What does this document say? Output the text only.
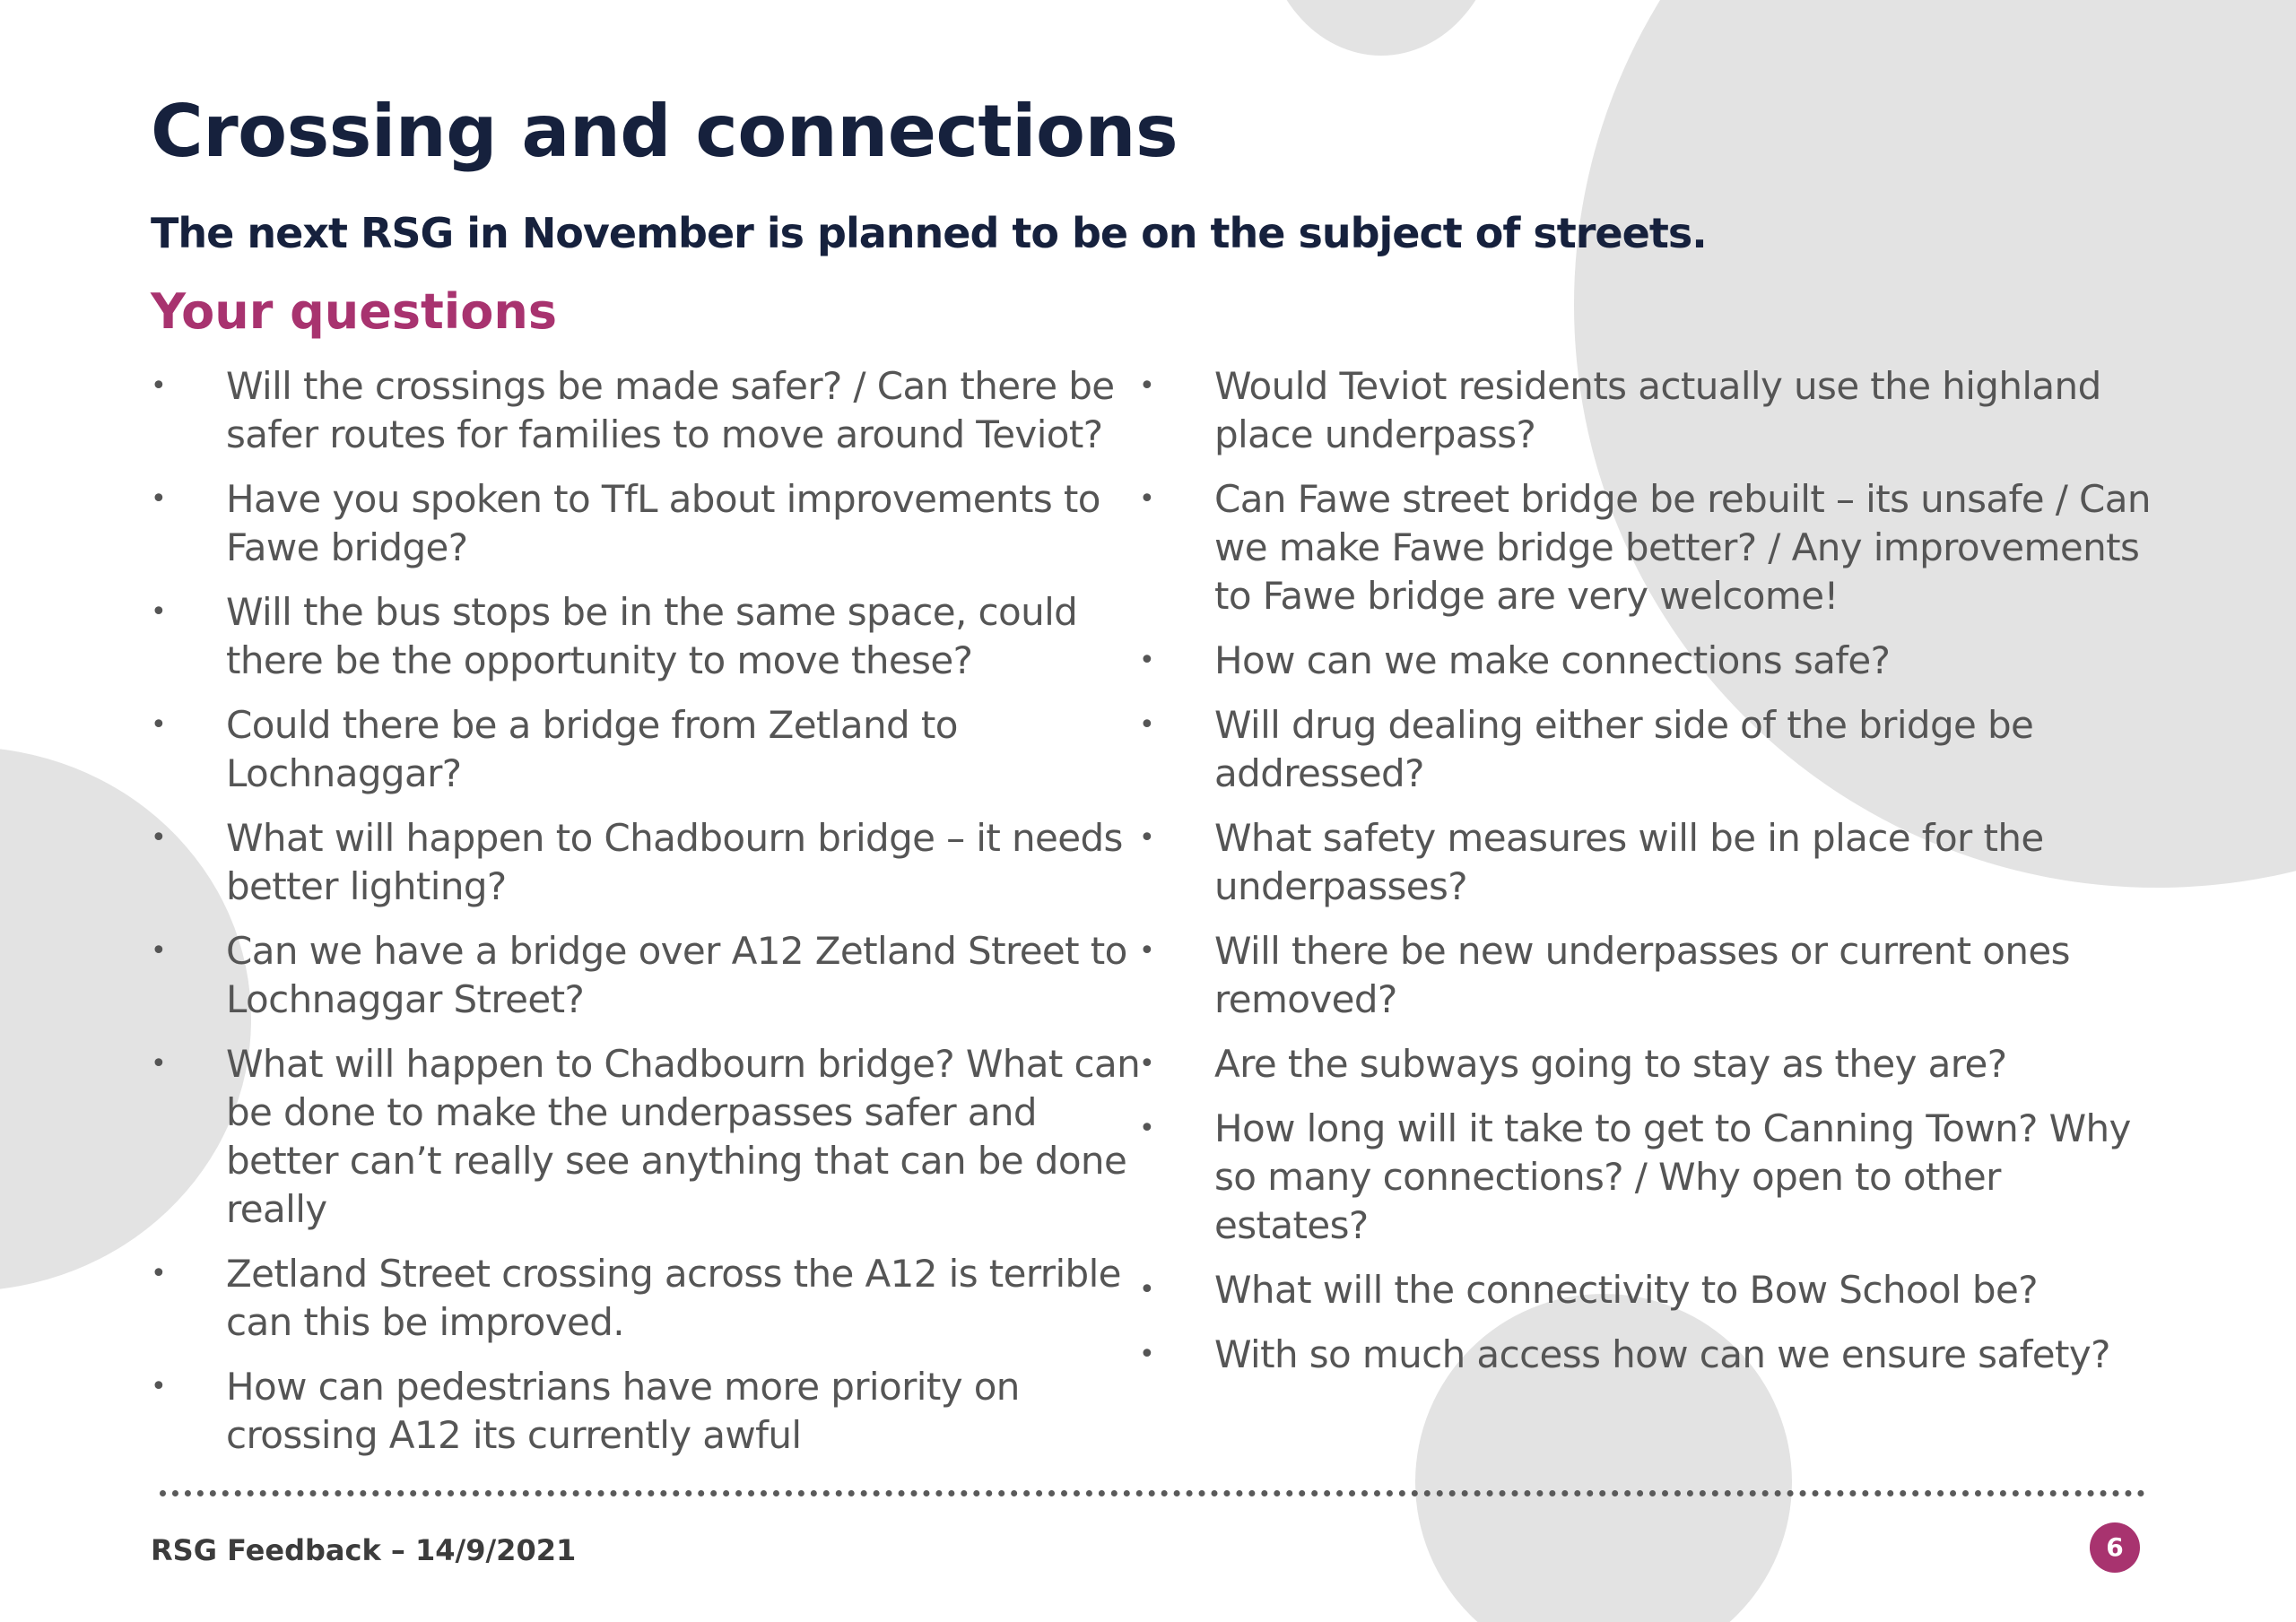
Crossing and connections

The next RSG in November is planned to be on the subject of streets.

Your questions
• Will the crossings be made safer? / Can there be safer routes for families to move around Teviot?
• Have you spoken to TfL about improvements to Fawe bridge?
• Will the bus stops be in the same space, could there be the opportunity to move these?
• Could there be a bridge from Zetland to Lochnaggar?
• What will happen to Chadbourn bridge – it needs better lighting?
• Can we have a bridge over A12 Zetland Street to Lochnaggar Street?
• What will happen to Chadbourn bridge? What can be done to make the underpasses safer and better can’t really see anything that can be done really
• Zetland Street crossing across the A12 is terrible can this be improved.
• How can pedestrians have more priority on crossing A12 its currently awful
• Would Teviot residents actually use the highland place underpass?
• Can Fawe street bridge be rebuilt – its unsafe / Can we make Fawe bridge better? / Any improvements to Fawe bridge are very welcome!
• How can we make connections safe?
• Will drug dealing either side of the bridge be addressed?
• What safety measures will be in place for the underpasses?
• Will there be new underpasses or current ones removed?
• Are the subways going to stay as they are?
• How long will it take to get to Canning Town? Why so many connections? / Why open to other estates?
• What will the connectivity to Bow School be?
• With so much access how can we ensure safety?
RSG Feedback – 14/9/2021	6
